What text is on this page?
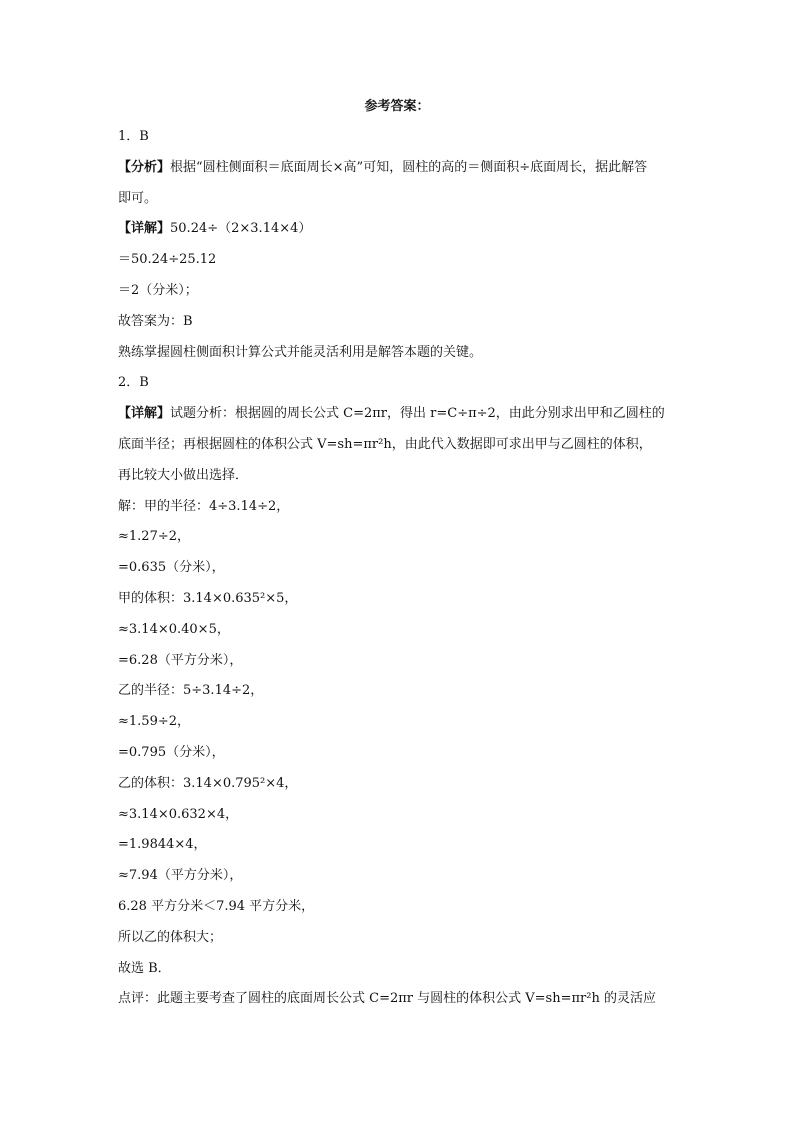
参考答案：
1．B
【分析】根据“圆柱侧面积＝底面周长×高”可知，圆柱的高的＝侧面积÷底面周长，据此解答
即可。
【详解】50.24÷（2×3.14×4）
＝50.24÷25.12
＝2（分米）；
故答案为：B
熟练掌握圆柱侧面积计算公式并能灵活利用是解答本题的关键。
2．B
【详解】试题分析：根据圆的周长公式 C=2πr，得出 r=C÷π÷2，由此分别求出甲和乙圆柱的
底面半径；再根据圆柱的体积公式 V=sh=πr²h，由此代入数据即可求出甲与乙圆柱的体积，
再比较大小做出选择．
解：甲的半径：4÷3.14÷2，
≈1.27÷2，
=0.635（分米），
甲的体积：3.14×0.635²×5，
≈3.14×0.40×5，
=6.28（平方分米），
乙的半径：5÷3.14÷2，
≈1.59÷2，
=0.795（分米），
乙的体积：3.14×0.795²×4，
≈3.14×0.632×4，
=1.9844×4，
≈7.94（平方分米），
6.28 平方分米＜7.94 平方分米，
所以乙的体积大；
故选 B．
点评：此题主要考查了圆柱的底面周长公式 C=2πr 与圆柱的体积公式 V=sh=πr²h 的灵活应
